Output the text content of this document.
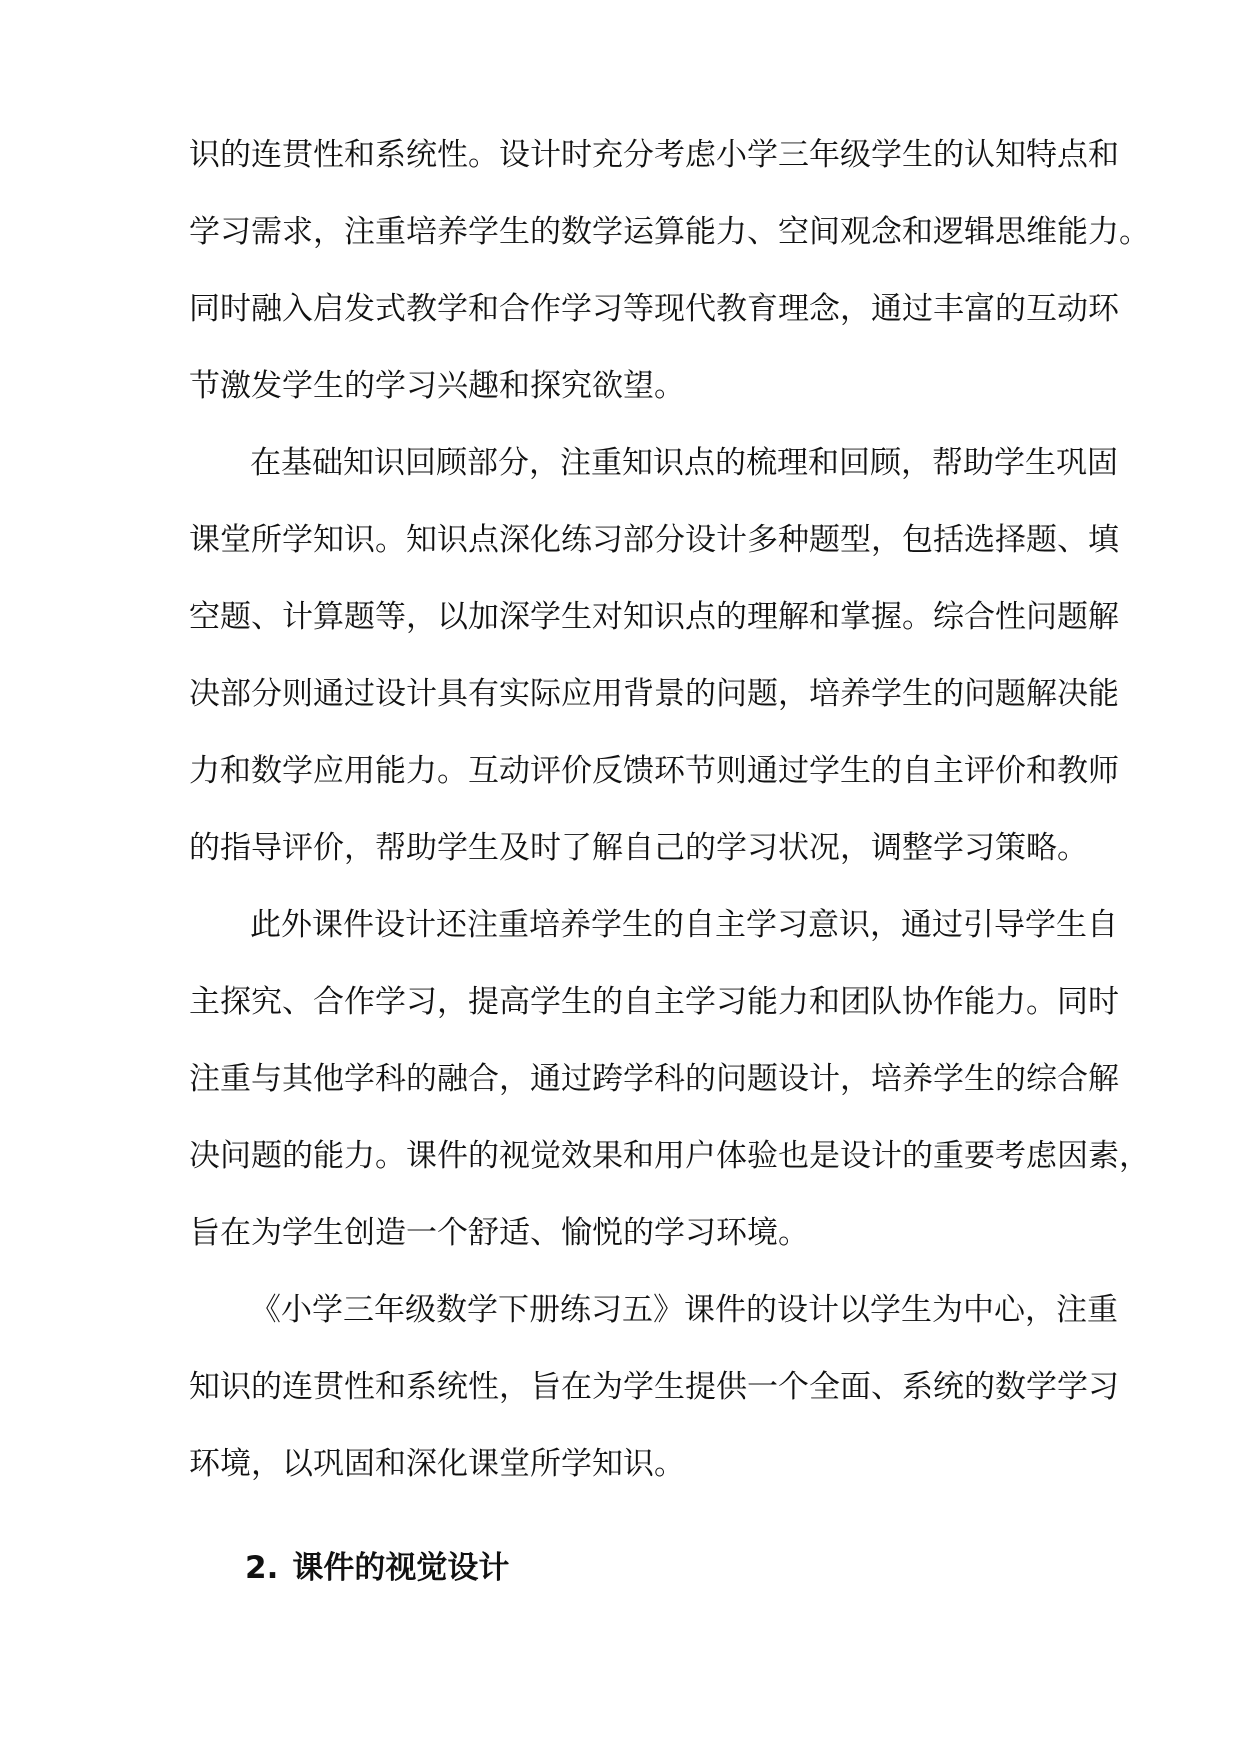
识的连贯性和系统性。设计时充分考虑小学三年级学生的认知特点和
学习需求，注重培养学生的数学运算能力、空间观念和逻辑思维能力。
同时融入启发式教学和合作学习等现代教育理念，通过丰富的互动环
节激发学生的学习兴趣和探究欲望。
在基础知识回顾部分，注重知识点的梳理和回顾，帮助学生巩固
课堂所学知识。知识点深化练习部分设计多种题型，包括选择题、填
空题、计算题等，以加深学生对知识点的理解和掌握。综合性问题解
决部分则通过设计具有实际应用背景的问题，培养学生的问题解决能
力和数学应用能力。互动评价反馈环节则通过学生的自主评价和教师
的指导评价，帮助学生及时了解自己的学习状况，调整学习策略。
此外课件设计还注重培养学生的自主学习意识，通过引导学生自
主探究、合作学习，提高学生的自主学习能力和团队协作能力。同时
注重与其他学科的融合，通过跨学科的问题设计，培养学生的综合解
决问题的能力。课件的视觉效果和用户体验也是设计的重要考虑因素，
旨在为学生创造一个舒适、愉悦的学习环境。
《小学三年级数学下册练习五》课件的设计以学生为中心，注重
知识的连贯性和系统性，旨在为学生提供一个全面、系统的数学学习
环境，以巩固和深化课堂所学知识。
2. 课件的视觉设计
